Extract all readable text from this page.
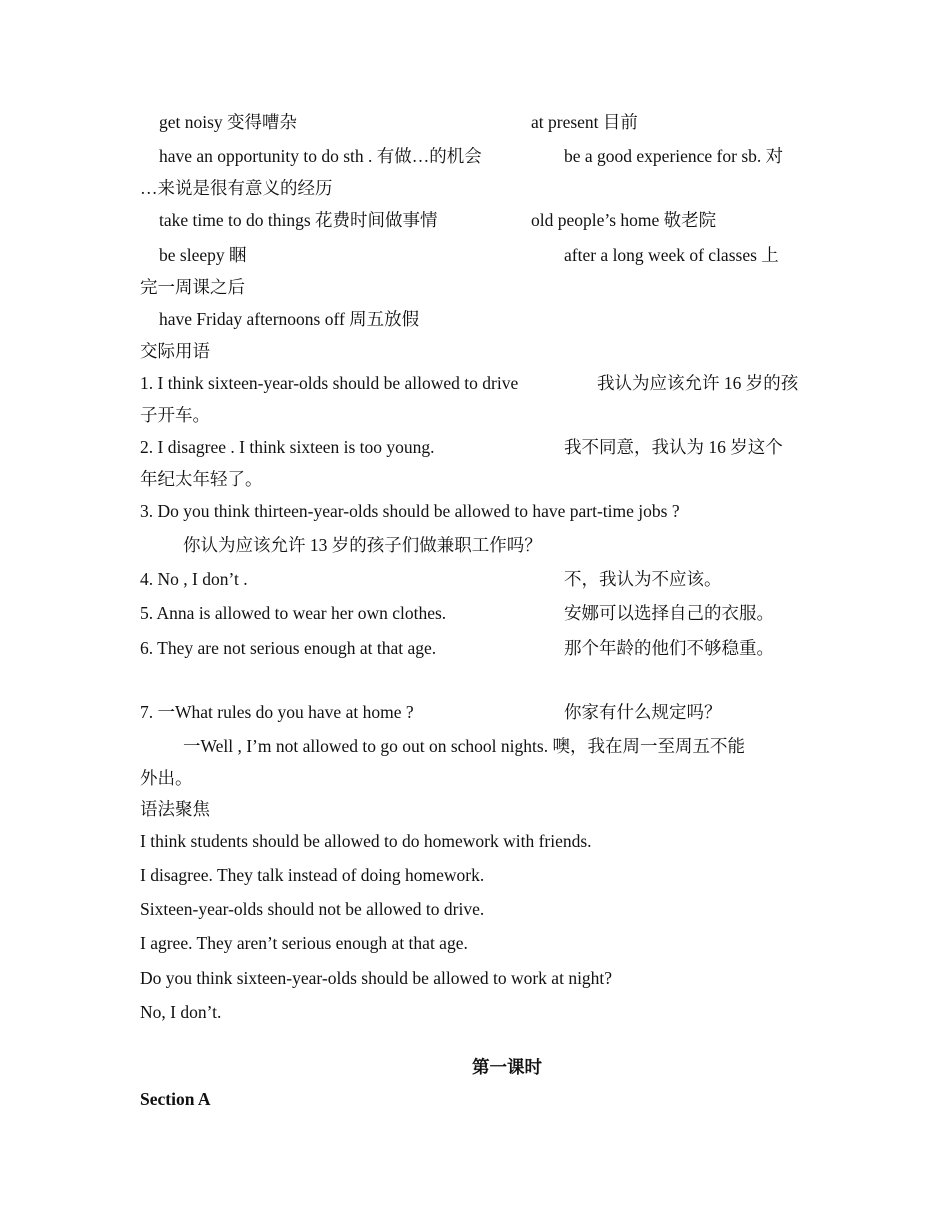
get noisy 变得嘈杂	at present 目前
have an opportunity to do sth . 有做…的机会	be a good experience for sb. 对
…来说是很有意义的经历
take time to do things 花费时间做事情	old people’s home 敬老院
be sleepy 睏	after a long week of classes 上
完一周课之后
have Friday afternoons off 周五放假
交际用语
1. I think sixteen-year-olds should be allowed to drive	我认为应该允许 16 岁的孩
子开车。
2. I disagree . I think sixteen is too young.	我不同意，我认为 16 岁这个
年纪太年轻了。
3. Do you think thirteen-year-olds should be allowed to have part-time jobs ?
你认为应该允许 13 岁的孩子们做兼职工作吗？
4. No , I don’t .	不，我认为不应该。
5. Anna is allowed to wear her own clothes.	安娜可以选择自己的衣服。
6. They are not serious enough at that age.	那个年龄的他们不够稳重。
7. 一What rules do you have at home ?	你家有什么规定吗？
一Well , I’m not allowed to go out on school nights. 噢，我在周一至周五不能
外出。
语法聚焦
I think students should be allowed to do homework with friends.
I disagree. They talk instead of doing homework.
Sixteen-year-olds should not be allowed to drive.
I agree. They aren’t serious enough at that age.
Do you think sixteen-year-olds should be allowed to work at night?
No, I don’t.
第一课时
Section A
